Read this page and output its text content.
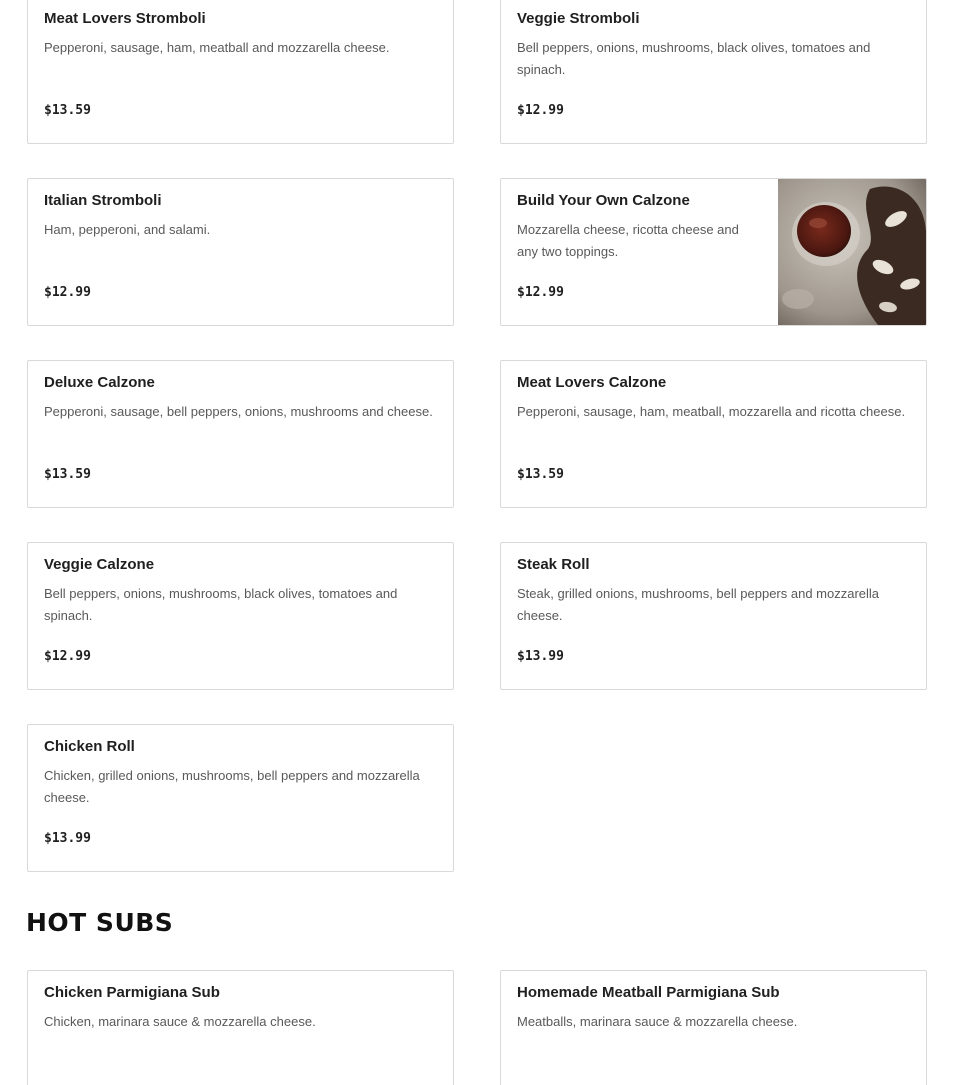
Meat Lovers Stromboli
Pepperoni, sausage, ham, meatball and mozzarella cheese.
$13.59
Veggie Stromboli
Bell peppers, onions, mushrooms, black olives, tomatoes and spinach.
$12.99
Italian Stromboli
Ham, pepperoni, and salami.
$12.99
Build Your Own Calzone
Mozzarella cheese, ricotta cheese and any two toppings.
$12.99
Deluxe Calzone
Pepperoni, sausage, bell peppers, onions, mushrooms and cheese.
$13.59
Meat Lovers Calzone
Pepperoni, sausage, ham, meatball, mozzarella and ricotta cheese.
$13.59
Veggie Calzone
Bell peppers, onions, mushrooms, black olives, tomatoes and spinach.
$12.99
Steak Roll
Steak, grilled onions, mushrooms, bell peppers and mozzarella cheese.
$13.99
Chicken Roll
Chicken, grilled onions, mushrooms, bell peppers and mozzarella cheese.
$13.99
HOT SUBS
Chicken Parmigiana Sub
Chicken, marinara sauce & mozzarella cheese.
Homemade Meatball Parmigiana Sub
Meatballs, marinara sauce & mozzarella cheese.
